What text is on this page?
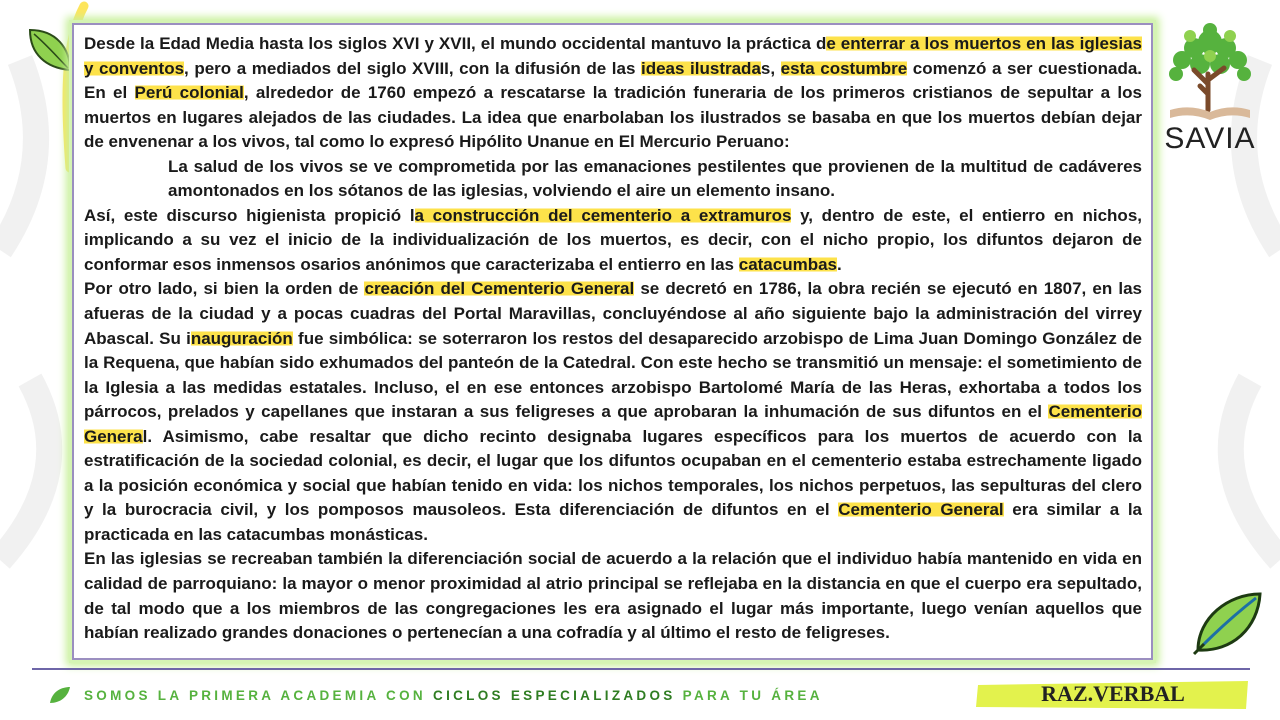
Desde la Edad Media hasta los siglos XVI y XVII, el mundo occidental mantuvo la práctica de enterrar a los muertos en las iglesias y conventos, pero a mediados del siglo XVIII, con la difusión de las ideas ilustradas, esta costumbre comenzó a ser cuestionada. En el Perú colonial, alrededor de 1760 empezó a rescatarse la tradición funeraria de los primeros cristianos de sepultar a los muertos en lugares alejados de las ciudades. La idea que enarbolaban los ilustrados se basaba en que los muertos debían dejar de envenenar a los vivos, tal como lo expresó Hipólito Unanue en El Mercurio Peruano:

La salud de los vivos se ve comprometida por las emanaciones pestilentes que provienen de la multitud de cadáveres amontonados en los sótanos de las iglesias, volviendo el aire un elemento insano.

Así, este discurso higienista propició la construcción del cementerio a extramuros y, dentro de este, el entierro en nichos, implicando a su vez el inicio de la individualización de los muertos, es decir, con el nicho propio, los difuntos dejaron de conformar esos inmensos osarios anónimos que caracterizaba el entierro en las catacumbas.

Por otro lado, si bien la orden de creación del Cementerio General se decretó en 1786, la obra recién se ejecutó en 1807, en las afueras de la ciudad y a pocas cuadras del Portal Maravillas, concluyéndose al año siguiente bajo la administración del virrey Abascal. Su inauguración fue simbólica: se soterraron los restos del desaparecido arzobispo de Lima Juan Domingo González de la Requena, que habían sido exhumados del panteón de la Catedral. Con este hecho se transmitió un mensaje: el sometimiento de la Iglesia a las medidas estatales. Incluso, el en ese entonces arzobispo Bartolomé María de las Heras, exhortaba a todos los párrocos, prelados y capellanes que instaran a sus feligreses a que aprobaran la inhumación de sus difuntos en el Cementerio General. Asimismo, cabe resaltar que dicho recinto designaba lugares específicos para los muertos de acuerdo con la estratificación de la sociedad colonial, es decir, el lugar que los difuntos ocupaban en el cementerio estaba estrechamente ligado a la posición económica y social que habían tenido en vida: los nichos temporales, los nichos perpetuos, las sepulturas del clero y la burocracia civil, y los pomposos mausoleos. Esta diferenciación de difuntos en el Cementerio General era similar a la practicada en las catacumbas monásticas.

En las iglesias se recreaban también la diferenciación social de acuerdo a la relación que el individuo había mantenido en vida en calidad de parroquiano: la mayor o menor proximidad al atrio principal se reflejaba en la distancia en que el cuerpo era sepultado, de tal modo que a los miembros de las congregaciones les era asignado el lugar más importante, luego venían aquellos que habían realizado grandes donaciones o pertenecían a una cofradía y al último el resto de feligreses.

SAVIA
SOMOS LA PRIMERA ACADEMIA CON CICLOS ESPECIALIZADOS PARA TU ÁREA	RAZ.VERBAL
